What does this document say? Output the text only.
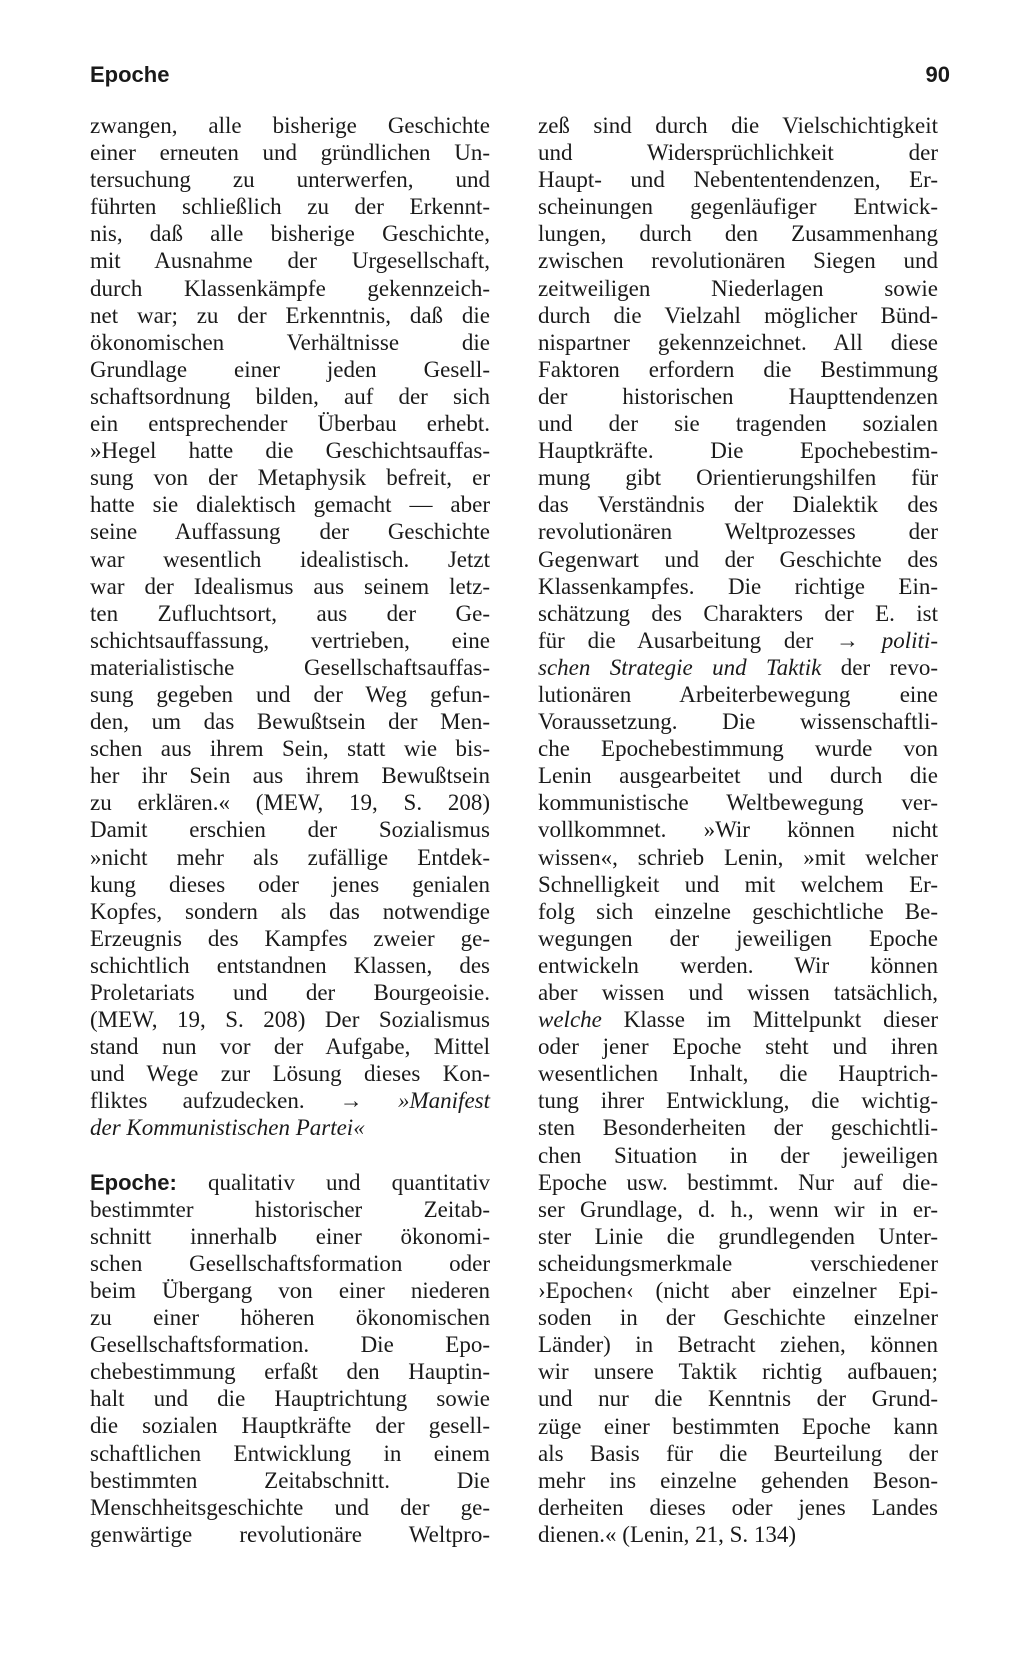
Epoche	90
zwangen, alle bisherige Geschichte
einer erneuten und gründlichen Un-
tersuchung zu unterwerfen, und
führten schließlich zu der Erkennt-
nis, daß alle bisherige Geschichte,
mit Ausnahme der Urgesellschaft,
durch Klassenkämpfe gekennzeich-
net war; zu der Erkenntnis, daß die
ökonomischen Verhältnisse die
Grundlage einer jeden Gesell-
schaftsordnung bilden, auf der sich
ein entsprechender Überbau erhebt.
»Hegel hatte die Geschichtsauffas-
sung von der Metaphysik befreit, er
hatte sie dialektisch gemacht — aber
seine Auffassung der Geschichte
war wesentlich idealistisch. Jetzt
war der Idealismus aus seinem letz-
ten Zufluchtsort, aus der Ge-
schichtsauffassung, vertrieben, eine
materialistische Gesellschaftsauffas-
sung gegeben und der Weg gefun-
den, um das Bewußtsein der Men-
schen aus ihrem Sein, statt wie bis-
her ihr Sein aus ihrem Bewußtsein
zu erklären.« (MEW, 19, S. 208)
Damit erschien der Sozialismus
»nicht mehr als zufällige Entdek-
kung dieses oder jenes genialen
Kopfes, sondern als das notwendige
Erzeugnis des Kampfes zweier ge-
schichtlich entstandnen Klassen, des
Proletariats und der Bourgeoisie.
(MEW, 19, S. 208) Der Sozialismus
stand nun vor der Aufgabe, Mittel
und Wege zur Lösung dieses Kon-
fliktes aufzudecken. → »Manifest
der Kommunistischen Partei«
Epoche: qualitativ und quantitativ
bestimmter historischer Zeitab-
schnitt innerhalb einer ökonomi-
schen Gesellschaftsformation oder
beim Übergang von einer niederen
zu einer höheren ökonomischen
Gesellschaftsformation. Die Epo-
chebestimmung erfaßt den Hauptin-
halt und die Hauptrichtung sowie
die sozialen Hauptkräfte der gesell-
schaftlichen Entwicklung in einem
bestimmten Zeitabschnitt. Die
Menschheitsgeschichte und der ge-
genwärtige revolutionäre Weltpro-
zeß sind durch die Vielschichtigkeit
und Widersprüchlichkeit der
Haupt- und Nebententendenzen, Er-
scheinungen gegenläufiger Entwick-
lungen, durch den Zusammenhang
zwischen revolutionären Siegen und
zeitweiligen Niederlagen sowie
durch die Vielzahl möglicher Bünd-
nispartner gekennzeichnet. All diese
Faktoren erfordern die Bestimmung
der historischen Haupttendenzen
und der sie tragenden sozialen
Hauptkräfte. Die Epochebestim-
mung gibt Orientierungshilfen für
das Verständnis der Dialektik des
revolutionären Weltprozesses der
Gegenwart und der Geschichte des
Klassenkampfes. Die richtige Ein-
schätzung des Charakters der E. ist
für die Ausarbeitung der → politi-
schen Strategie und Taktik der revo-
lutionären Arbeiterbewegung eine
Voraussetzung. Die wissenschaftli-
che Epochebestimmung wurde von
Lenin ausgearbeitet und durch die
kommunistische Weltbewegung ver-
vollkommnet. »Wir können nicht
wissen«, schrieb Lenin, »mit welcher
Schnelligkeit und mit welchem Er-
folg sich einzelne geschichtliche Be-
wegungen der jeweiligen Epoche
entwickeln werden. Wir können
aber wissen und wissen tatsächlich,
welche Klasse im Mittelpunkt dieser
oder jener Epoche steht und ihren
wesentlichen Inhalt, die Hauptrich-
tung ihrer Entwicklung, die wichtig-
sten Besonderheiten der geschichtli-
chen Situation in der jeweiligen
Epoche usw. bestimmt. Nur auf die-
ser Grundlage, d. h., wenn wir in er-
ster Linie die grundlegenden Unter-
scheidungsmerkmale verschiedener
›Epochen‹ (nicht aber einzelner Epi-
soden in der Geschichte einzelner
Länder) in Betracht ziehen, können
wir unsere Taktik richtig aufbauen;
und nur die Kenntnis der Grund-
züge einer bestimmten Epoche kann
als Basis für die Beurteilung der
mehr ins einzelne gehenden Beson-
derheiten dieses oder jenes Landes
dienen.« (Lenin, 21, S. 134)
